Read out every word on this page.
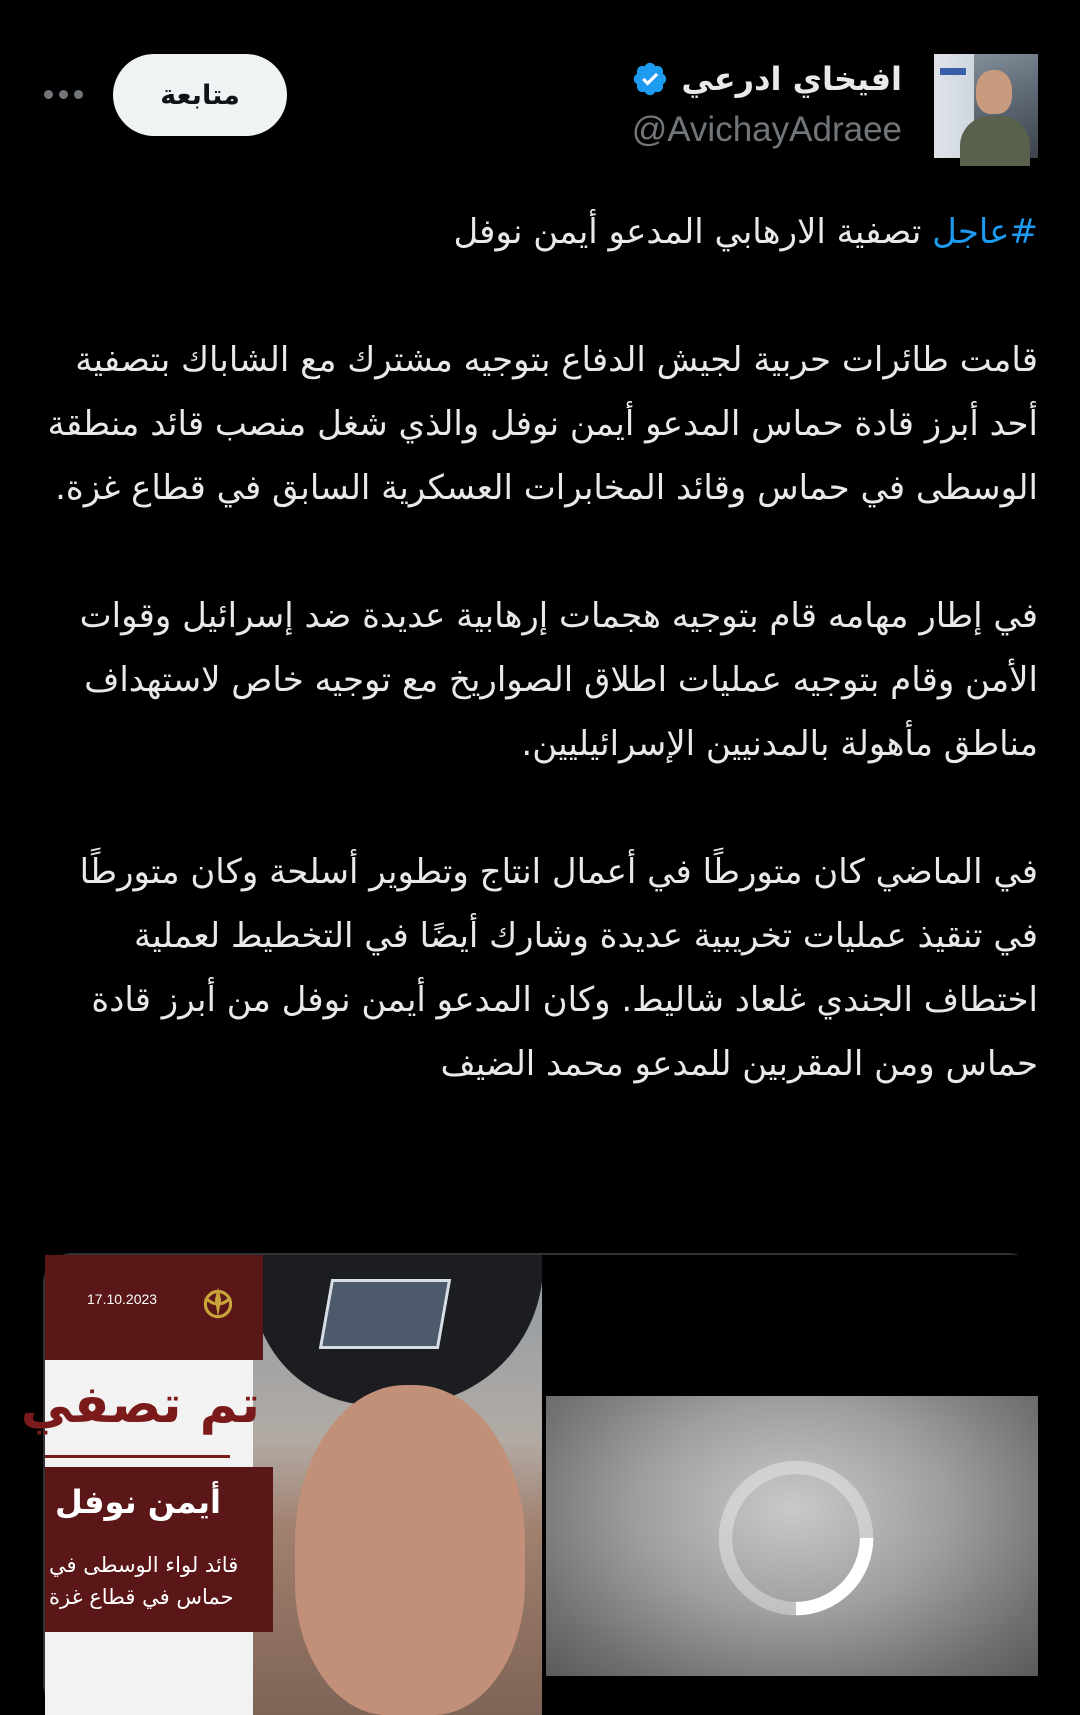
افيخاي ادرعي
@AvichayAdraee
متابعة

#عاجل تصفية الارهابي المدعو أيمن نوفل

قامت طائرات حربية لجيش الدفاع بتوجيه مشترك مع الشاباك بتصفية أحد أبرز قادة حماس المدعو أيمن نوفل والذي شغل منصب قائد منطقة الوسطى في حماس وقائد المخابرات العسكرية السابق في قطاع غزة.

في إطار مهامه قام بتوجيه هجمات إرهابية عديدة ضد إسرائيل وقوات الأمن وقام بتوجيه عمليات اطلاق الصواريخ مع توجيه خاص لاستهداف مناطق مأهولة بالمدنيين الإسرائيليين.

في الماضي كان متورطًا في أعمال انتاج وتطوير أسلحة وكان متورطًا في تنقيذ عمليات تخريبية عديدة وشارك أيضًا في التخطيط لعملية اختطاف الجندي غلعاد شاليط. وكان المدعو أيمن نوفل من أبرز قادة حماس ومن المقربين للمدعو محمد الضيف

17.10.2023
تم تصفي
أيمن نوفل
قائد لواء الوسطى في
حماس في قطاع غزة
